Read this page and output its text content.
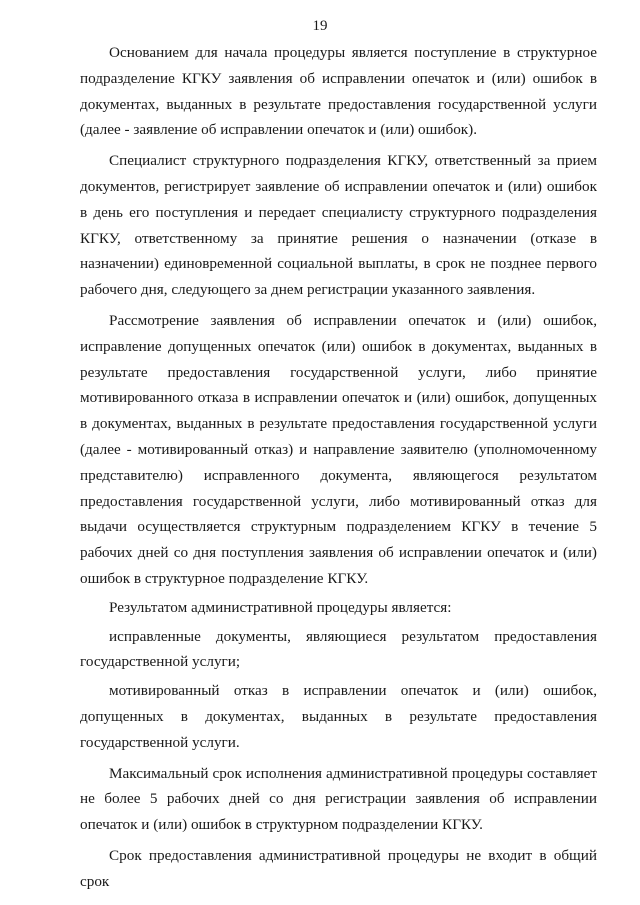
19

Основанием для начала процедуры является поступление в структурное подразделение КГКУ заявления об исправлении опечаток и (или) ошибок в документах, выданных в результате предоставления государственной услуги (далее - заявление об исправлении опечаток и (или) ошибок).

Специалист структурного подразделения КГКУ, ответственный за прием документов, регистрирует заявление об исправлении опечаток и (или) ошибок в день его поступления и передает специалисту структурного подразделения КГКУ, ответственному за принятие решения о назначении (отказе в назначении) единовременной социальной выплаты, в срок не позднее первого рабочего дня, следующего за днем регистрации указанного заявления.

Рассмотрение заявления об исправлении опечаток и (или) ошибок, исправление допущенных опечаток (или) ошибок в документах, выданных в результате предоставления государственной услуги, либо принятие мотивированного отказа в исправлении опечаток и (или) ошибок, допущенных в документах, выданных в результате предоставления государственной услуги (далее - мотивированный отказ) и направление заявителю (уполномоченному представителю) исправленного документа, являющегося результатом предоставления государственной услуги, либо мотивированный отказ для выдачи осуществляется структурным подразделением КГКУ в течение 5 рабочих дней со дня поступления заявления об исправлении опечаток и (или) ошибок в структурное подразделение КГКУ.

Результатом административной процедуры является:

исправленные документы, являющиеся результатом предоставления государственной услуги;

мотивированный отказ в исправлении опечаток и (или) ошибок, допущенных в документах, выданных в результате предоставления государственной услуги.

Максимальный срок исполнения административной процедуры составляет не более 5 рабочих дней со дня регистрации заявления об исправлении опечаток и (или) ошибок в структурном подразделении КГКУ.

Срок предоставления административной процедуры не входит в общий срок
